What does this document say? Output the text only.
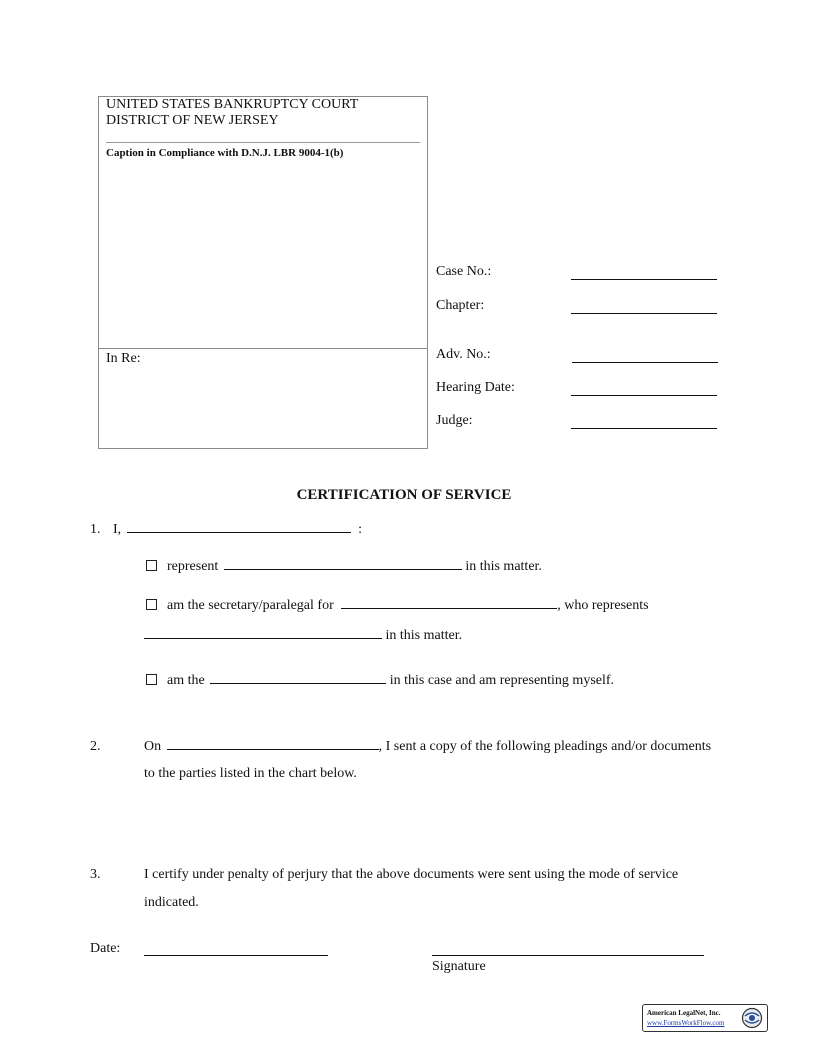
UNITED STATES BANKRUPTCY COURT
DISTRICT OF NEW JERSEY
Caption in Compliance with D.N.J. LBR 9004-1(b)
In Re:
Case No.:
Chapter:
Adv. No.:
Hearing Date:
Judge:
CERTIFICATION OF SERVICE
1. I,	:
represent	in this matter.
am the secretary/paralegal for	, who represents
in this matter.
am the	in this case and am representing myself.
2.	On	, I sent a copy of the following pleadings and/or documents
to the parties listed in the chart below.
3.	I certify under penalty of perjury that the above documents were sent using the mode of service
indicated.
Date:
Signature
American LegalNet, Inc.
www.FormsWorkFlow.com
